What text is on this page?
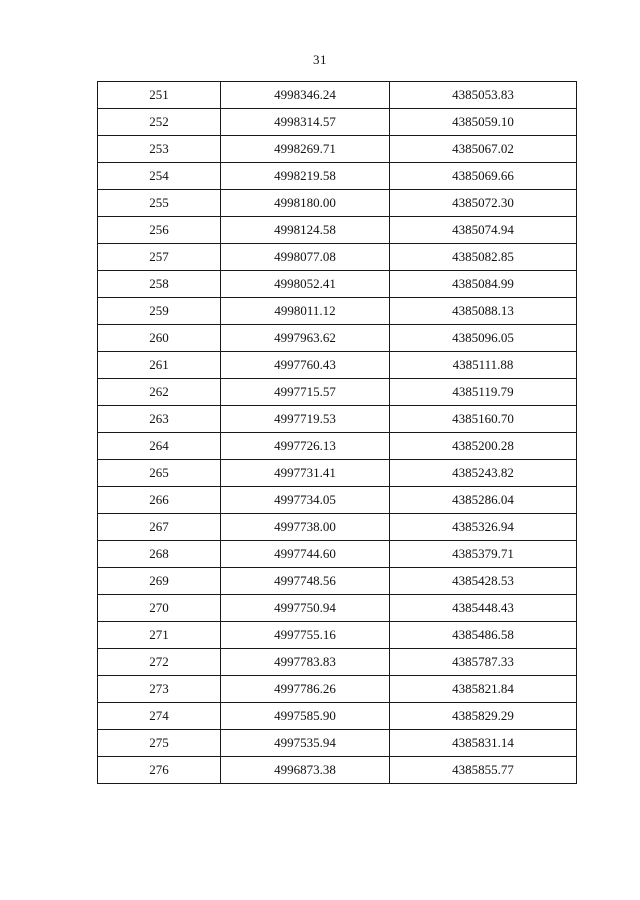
31
251	4998346.24	4385053.83
252	4998314.57	4385059.10
253	4998269.71	4385067.02
254	4998219.58	4385069.66
255	4998180.00	4385072.30
256	4998124.58	4385074.94
257	4998077.08	4385082.85
258	4998052.41	4385084.99
259	4998011.12	4385088.13
260	4997963.62	4385096.05
261	4997760.43	4385111.88
262	4997715.57	4385119.79
263	4997719.53	4385160.70
264	4997726.13	4385200.28
265	4997731.41	4385243.82
266	4997734.05	4385286.04
267	4997738.00	4385326.94
268	4997744.60	4385379.71
269	4997748.56	4385428.53
270	4997750.94	4385448.43
271	4997755.16	4385486.58
272	4997783.83	4385787.33
273	4997786.26	4385821.84
274	4997585.90	4385829.29
275	4997535.94	4385831.14
276	4996873.38	4385855.77
